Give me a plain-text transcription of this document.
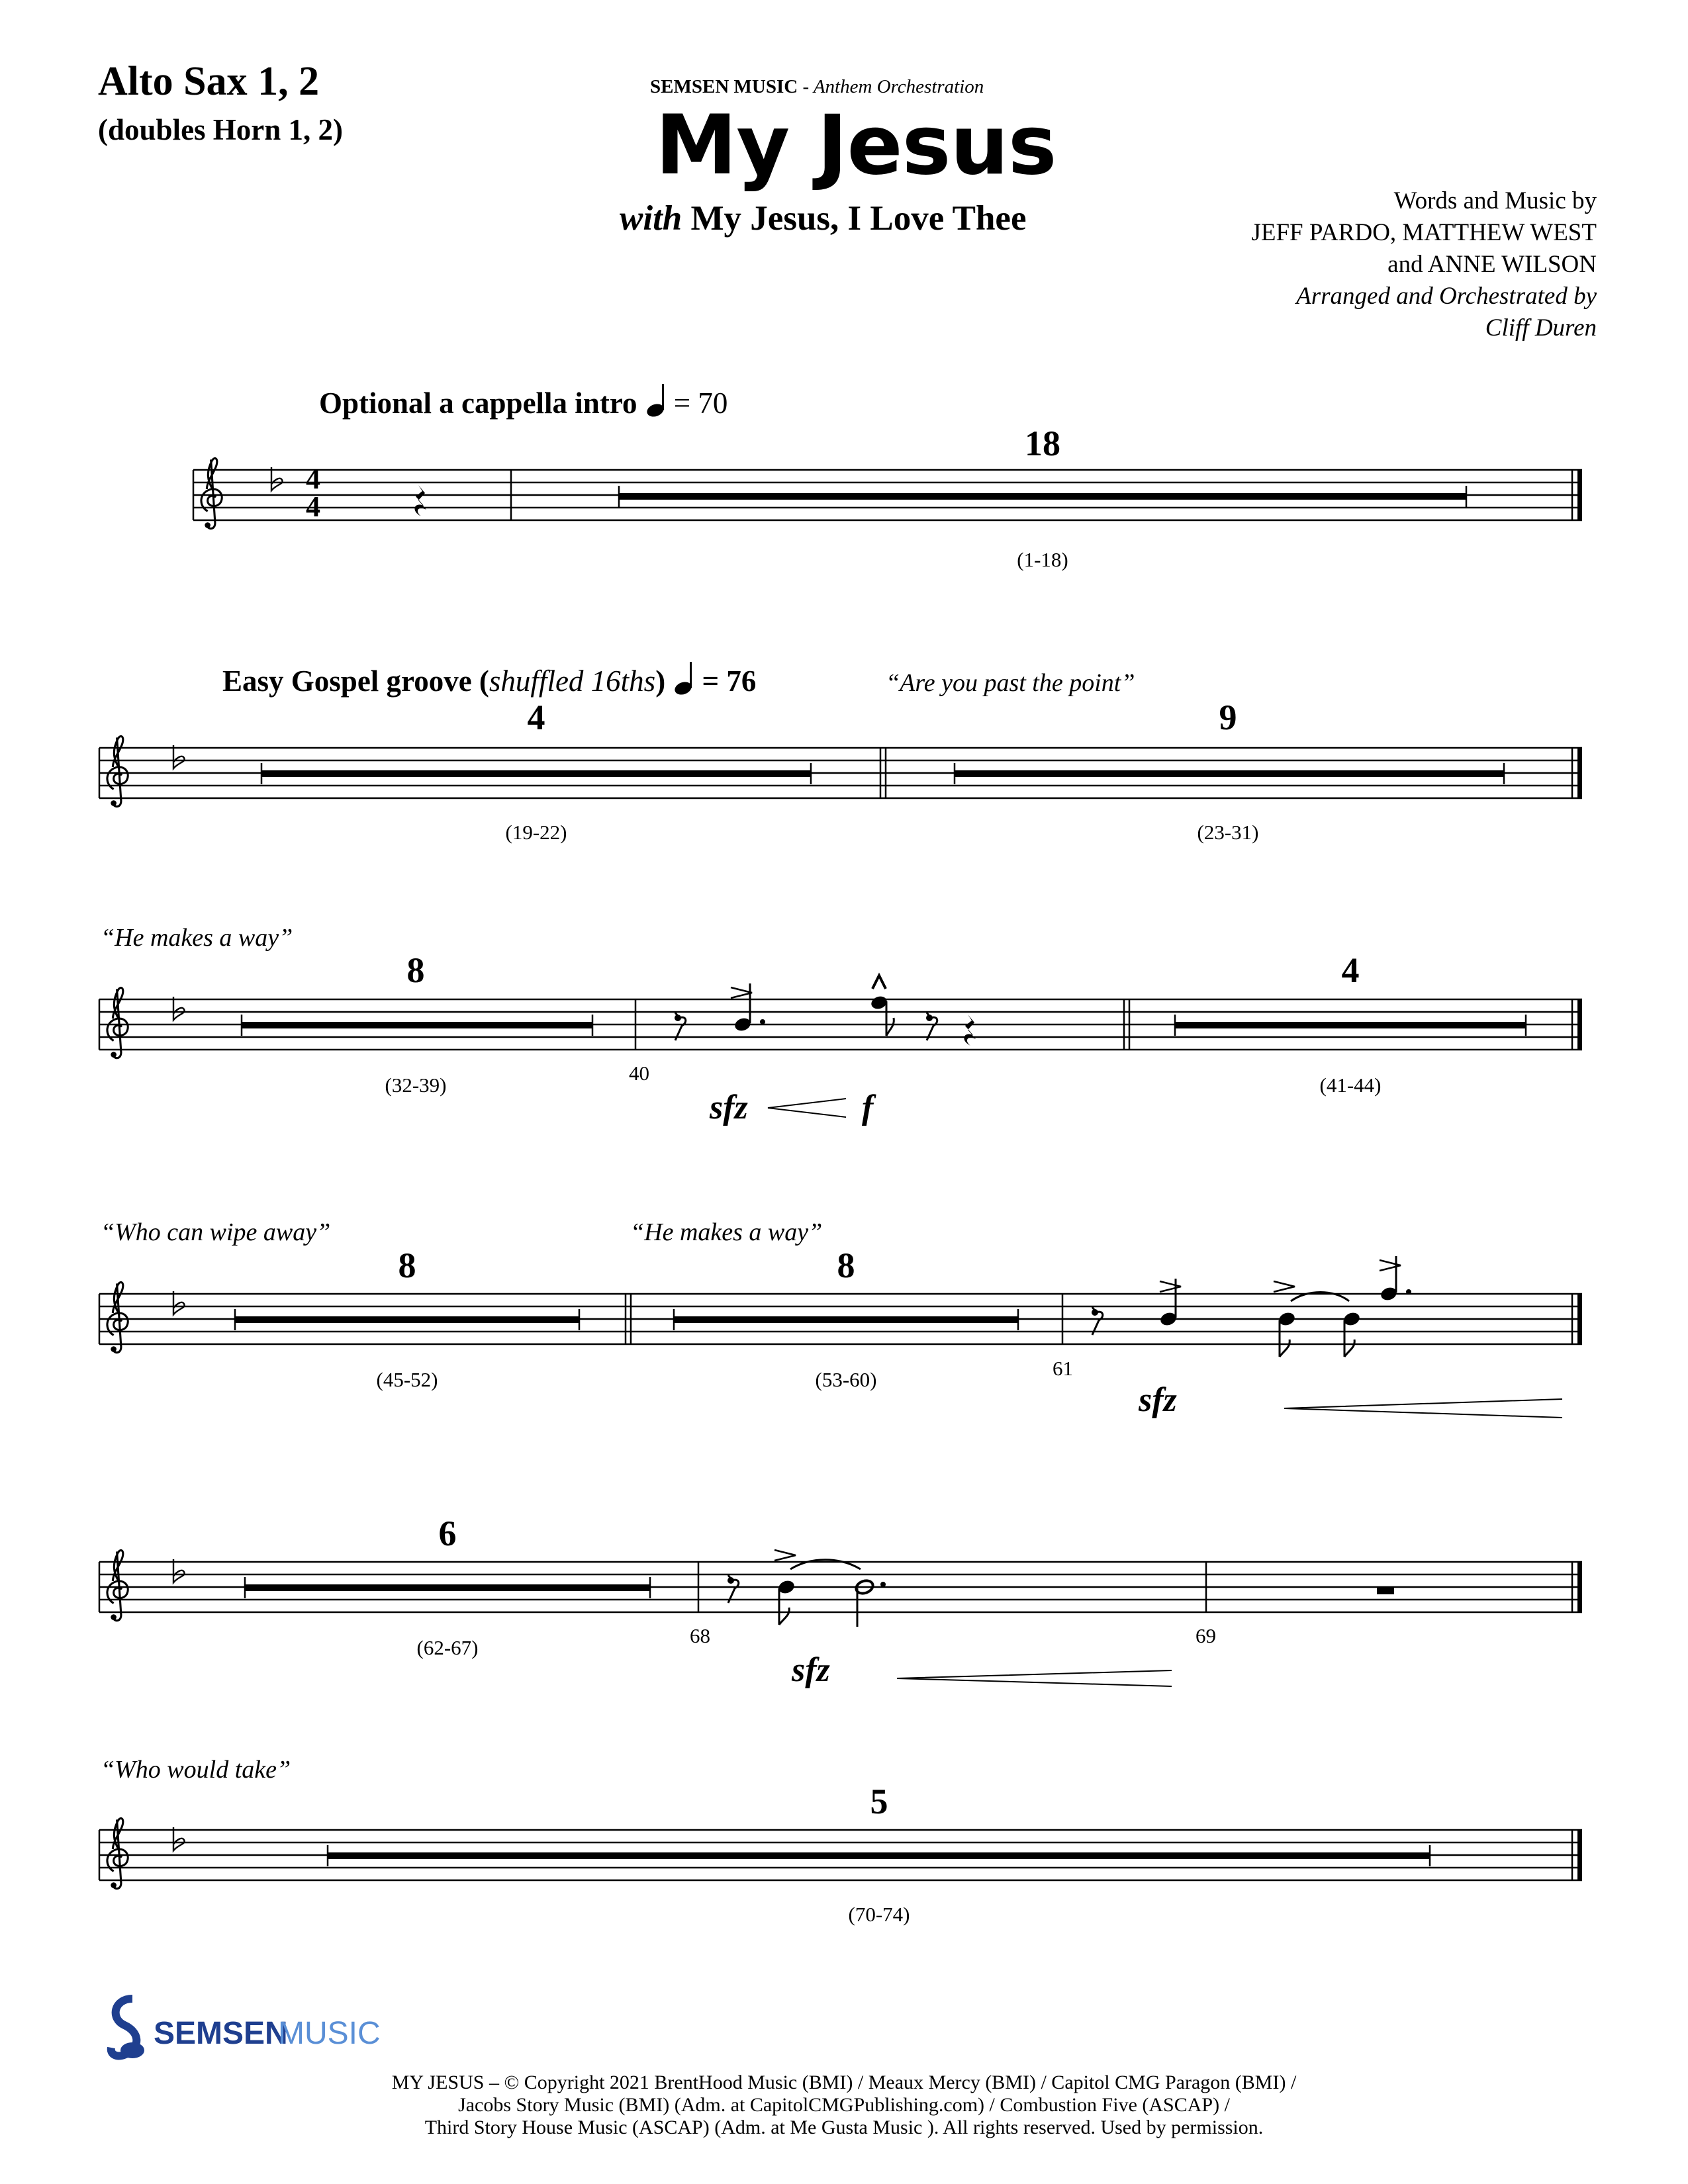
Alto Sax 1, 2
(doubles Horn 1, 2)
SEMSEN MUSIC - Anthem Orchestration
My Jesus
with My Jesus, I Love Thee	Words and Music by
JEFF PARDO, MATTHEW WEST
and ANNE WILSON
Arranged and Orchestrated by
Cliff Duren
Optional a cappella intro = 70
Easy Gospel groove (shuffled 16ths) = 76	“Are you past the point”
“He makes a way”
“Who can wipe away”	“He makes a way”
“Who would take”
4
4
18
(1-18)
4	9
(19-22)	(23-31)
8	4
(32-39)	(41-44)
40
sfz	f
8	8
(45-52)	(53-60)	61
sfz
6
(62-67)
68	69
sfz
5
(70-74)
SEMSEN
MUSIC
MY JESUS – © Copyright 2021 BrentHood Music (BMI) / Meaux Mercy (BMI) / Capitol CMG Paragon (BMI) /
Jacobs Story Music (BMI) (Adm. at CapitolCMGPublishing.com) / Combustion Five (ASCAP) /
Third Story House Music (ASCAP) (Adm. at Me Gusta Music ). All rights reserved. Used by permission.
